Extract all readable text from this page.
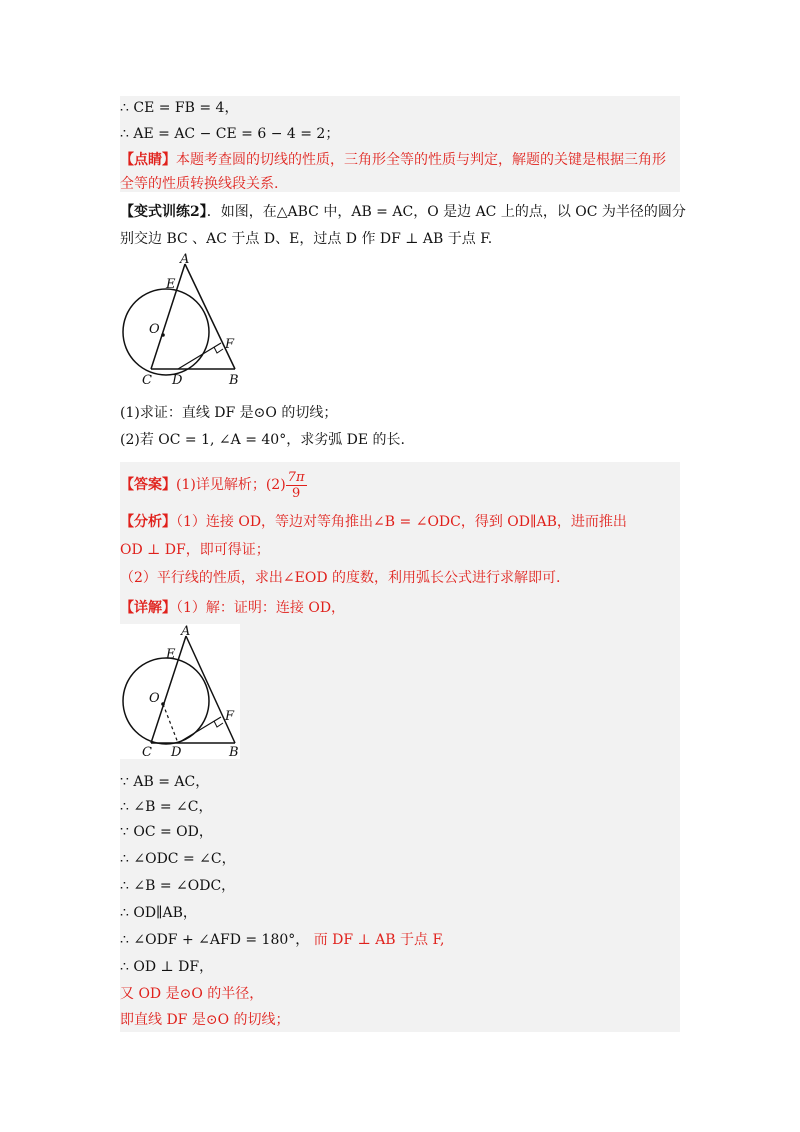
∴ CE = FB = 4，
∴ AE = AC − CE = 6 − 4 = 2；
【点睛】本题考查圆的切线的性质，三角形全等的性质与判定，解题的关键是根据三角形
全等的性质转换线段关系.
【变式训练2】．如图，在△ABC 中，AB = AC，O 是边 AC 上的点，以 OC 为半径的圆分
别交边 BC 、AC 于点 D、E，过点 D 作 DF ⊥ AB 于点 F.
A
E
O
F
C D	B
(1)求证：直线 DF 是⊙O 的切线；
(2)若 OC = 1, ∠A = 40°，求劣弧 DE 的长.
【答案】(1)详见解析；$(2) \frac{7\pi}{9}$
【分析】（1）连接 OD，等边对等角推出∠B = ∠ODC，得到 OD∥AB，进而推出
OD ⊥ DF，即可得证；
（2）平行线的性质，求出∠EOD 的度数，利用弧长公式进行求解即可.
【详解】（1）解：证明：连接 OD，
A
E
O
F
C D	B
∵ AB = AC，
∴ ∠B = ∠C，
∵ OC = OD，
∴ ∠ODC = ∠C，
∴ ∠B = ∠ODC，
∴ OD∥AB，
∴ ∠ODF + ∠AFD = 180°， 而 DF ⊥ AB 于点 F,
∴ OD ⊥ DF，
又 OD 是⊙O 的半径，
即直线 DF 是⊙O 的切线；
